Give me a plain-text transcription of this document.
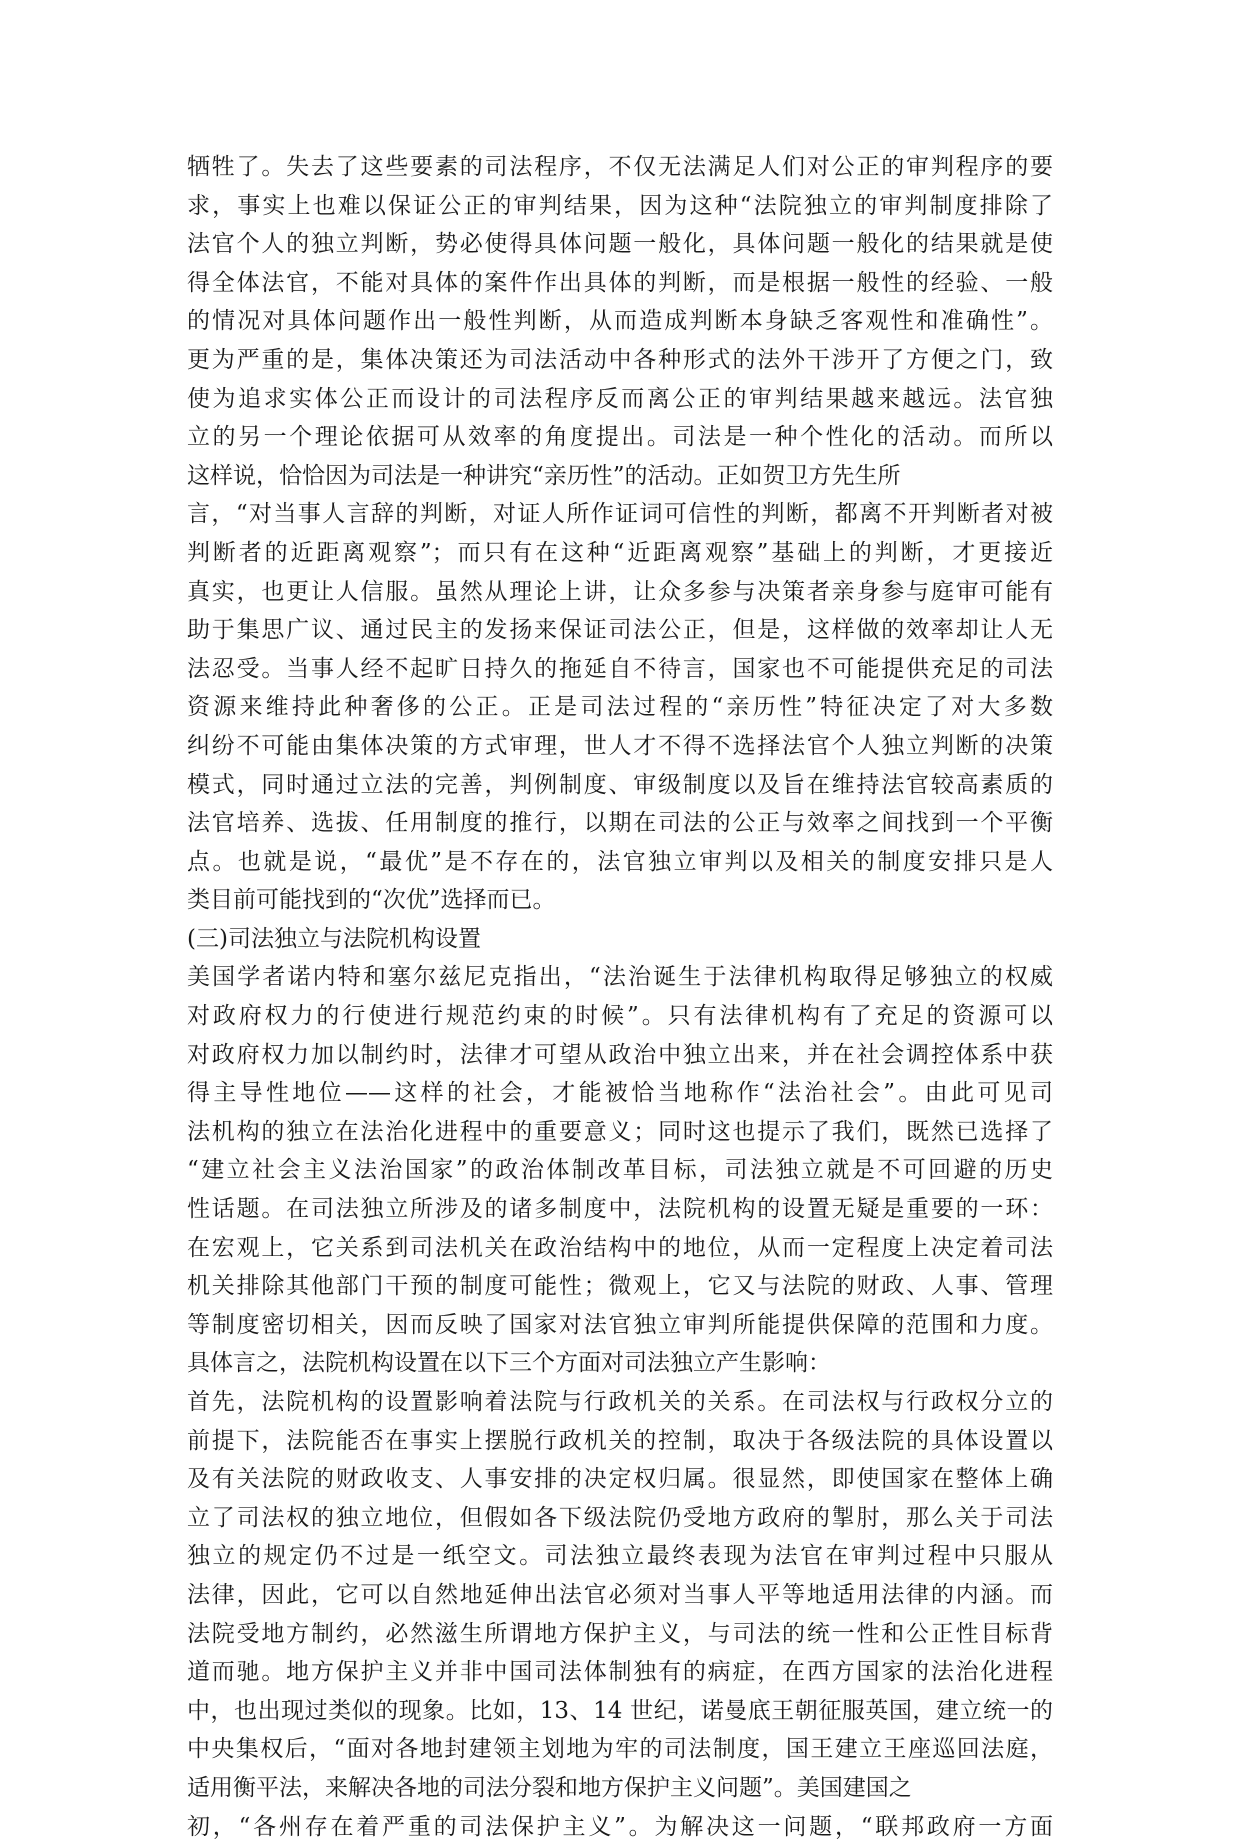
牺牲了。失去了这些要素的司法程序，不仅无法满足人们对公正的审判程序的要
求，事实上也难以保证公正的审判结果，因为这种“法院独立的审判制度排除了
法官个人的独立判断，势必使得具体问题一般化，具体问题一般化的结果就是使
得全体法官，不能对具体的案件作出具体的判断，而是根据一般性的经验、一般
的情况对具体问题作出一般性判断，从而造成判断本身缺乏客观性和准确性”。
更为严重的是，集体决策还为司法活动中各种形式的法外干涉开了方便之门，致
使为追求实体公正而设计的司法程序反而离公正的审判结果越来越远。法官独
立的另一个理论依据可从效率的角度提出。司法是一种个性化的活动。而所以
这样说，恰恰因为司法是一种讲究“亲历性”的活动。正如贺卫方先生所
言，“对当事人言辞的判断，对证人所作证词可信性的判断，都离不开判断者对被
判断者的近距离观察”；而只有在这种“近距离观察”基础上的判断，才更接近
真实，也更让人信服。虽然从理论上讲，让众多参与决策者亲身参与庭审可能有
助于集思广议、通过民主的发扬来保证司法公正，但是，这样做的效率却让人无
法忍受。当事人经不起旷日持久的拖延自不待言，国家也不可能提供充足的司法
资源来维持此种奢侈的公正。正是司法过程的“亲历性”特征决定了对大多数
纠纷不可能由集体决策的方式审理，世人才不得不选择法官个人独立判断的决策
模式，同时通过立法的完善，判例制度、审级制度以及旨在维持法官较高素质的
法官培养、选拔、任用制度的推行，以期在司法的公正与效率之间找到一个平衡
点。也就是说，“最优”是不存在的，法官独立审判以及相关的制度安排只是人
类目前可能找到的“次优”选择而已。
(三)司法独立与法院机构设置
美国学者诺内特和塞尔兹尼克指出，“法治诞生于法律机构取得足够独立的权威
对政府权力的行使进行规范约束的时候”。只有法律机构有了充足的资源可以
对政府权力加以制约时，法律才可望从政治中独立出来，并在社会调控体系中获
得主导性地位——这样的社会，才能被恰当地称作“法治社会”。由此可见司
法机构的独立在法治化进程中的重要意义；同时这也提示了我们，既然已选择了
“建立社会主义法治国家”的政治体制改革目标，司法独立就是不可回避的历史
性话题。在司法独立所涉及的诸多制度中，法院机构的设置无疑是重要的一环：
在宏观上，它关系到司法机关在政治结构中的地位，从而一定程度上决定着司法
机关排除其他部门干预的制度可能性；微观上，它又与法院的财政、人事、管理
等制度密切相关，因而反映了国家对法官独立审判所能提供保障的范围和力度。
具体言之，法院机构设置在以下三个方面对司法独立产生影响：
首先，法院机构的设置影响着法院与行政机关的关系。在司法权与行政权分立的
前提下，法院能否在事实上摆脱行政机关的控制，取决于各级法院的具体设置以
及有关法院的财政收支、人事安排的决定权归属。很显然，即使国家在整体上确
立了司法权的独立地位，但假如各下级法院仍受地方政府的掣肘，那么关于司法
独立的规定仍不过是一纸空文。司法独立最终表现为法官在审判过程中只服从
法律，因此，它可以自然地延伸出法官必须对当事人平等地适用法律的内涵。而
法院受地方制约，必然滋生所谓地方保护主义，与司法的统一性和公正性目标背
道而驰。地方保护主义并非中国司法体制独有的病症，在西方国家的法治化进程
中，也出现过类似的现象。比如，13、14 世纪，诺曼底王朝征服英国，建立统一的
中央集权后，“面对各地封建领主划地为牢的司法制度，国王建立王座巡回法庭，
适用衡平法，来解决各地的司法分裂和地方保护主义问题”。美国建国之
初，“各州存在着严重的司法保护主义”。为解决这一问题，“联邦政府一方面
